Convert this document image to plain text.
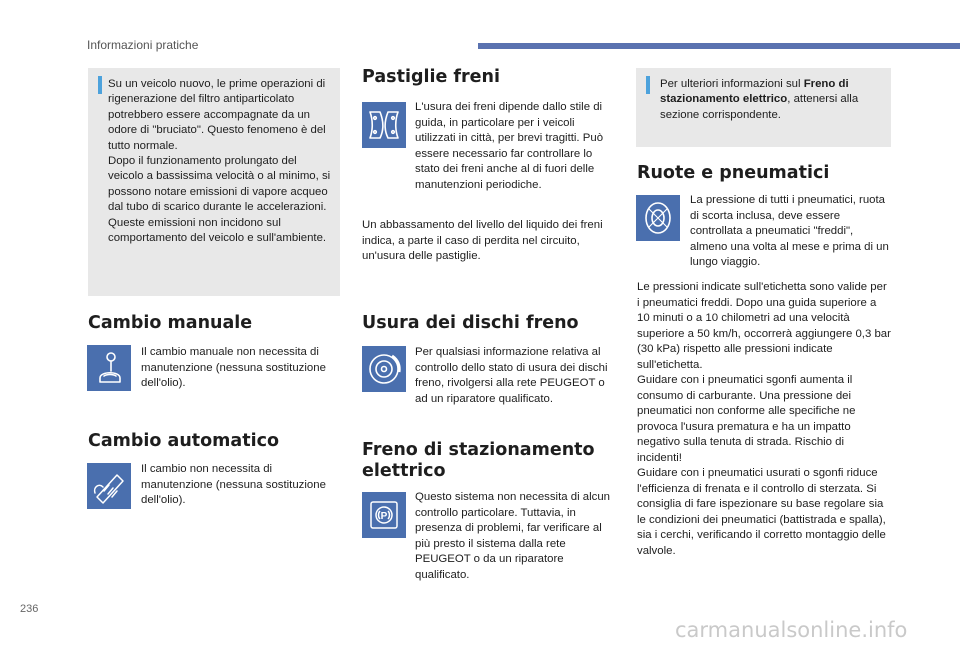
Informazioni pratiche
Su un veicolo nuovo, le prime operazioni di rigenerazione del filtro antiparticolato potrebbero essere accompagnate da un odore di "bruciato". Questo fenomeno è del tutto normale.
Dopo il funzionamento prolungato del veicolo a bassissima velocità o al minimo, si possono notare emissioni di vapore acqueo dal tubo di scarico durante le accelerazioni. Queste emissioni non incidono sul comportamento del veicolo e sull'ambiente.
Cambio manuale
Il cambio manuale non necessita di manutenzione (nessuna sostituzione dell'olio).
Cambio automatico
Il cambio non necessita di manutenzione (nessuna sostituzione dell'olio).
Pastiglie freni
L'usura dei freni dipende dallo stile di guida, in particolare per i veicoli utilizzati in città, per brevi tragitti. Può essere necessario far controllare lo stato dei freni anche al di fuori delle manutenzioni periodiche.
Un abbassamento del livello del liquido dei freni indica, a parte il caso di perdita nel circuito, un'usura delle pastiglie.
Usura dei dischi freno
Per qualsiasi informazione relativa al controllo dello stato di usura dei dischi freno, rivolgersi alla rete PEUGEOT o ad un riparatore qualificato.
Freno di stazionamento elettrico
P
Questo sistema non necessita di alcun controllo particolare. Tuttavia, in presenza di problemi, far verificare al più presto il sistema dalla rete PEUGEOT o da un riparatore qualificato.
Per ulteriori informazioni sul Freno di stazionamento elettrico, attenersi alla sezione corrispondente.
Ruote e pneumatici
La pressione di tutti i pneumatici, ruota di scorta inclusa, deve essere controllata a pneumatici "freddi", almeno una volta al mese e prima di un lungo viaggio.
Le pressioni indicate sull'etichetta sono valide per i pneumatici freddi. Dopo una guida superiore a 10 minuti o a 10 chilometri ad una velocità superiore a 50 km/h, occorrerà aggiungere 0,3 bar (30 kPa) rispetto alle pressioni indicate sull'etichetta.
Guidare con i pneumatici sgonfi aumenta il consumo di carburante. Una pressione dei pneumatici non conforme alle specifiche ne provoca l'usura prematura e ha un impatto negativo sulla tenuta di strada. Rischio di incidenti!
Guidare con i pneumatici usurati o sgonfi riduce l'efficienza di frenata e il controllo di sterzata. Si consiglia di fare ispezionare su base regolare sia le condizioni dei pneumatici (battistrada e spalla), sia i cerchi, verificando il corretto montaggio delle valvole.
236
carmanualsonline.info
